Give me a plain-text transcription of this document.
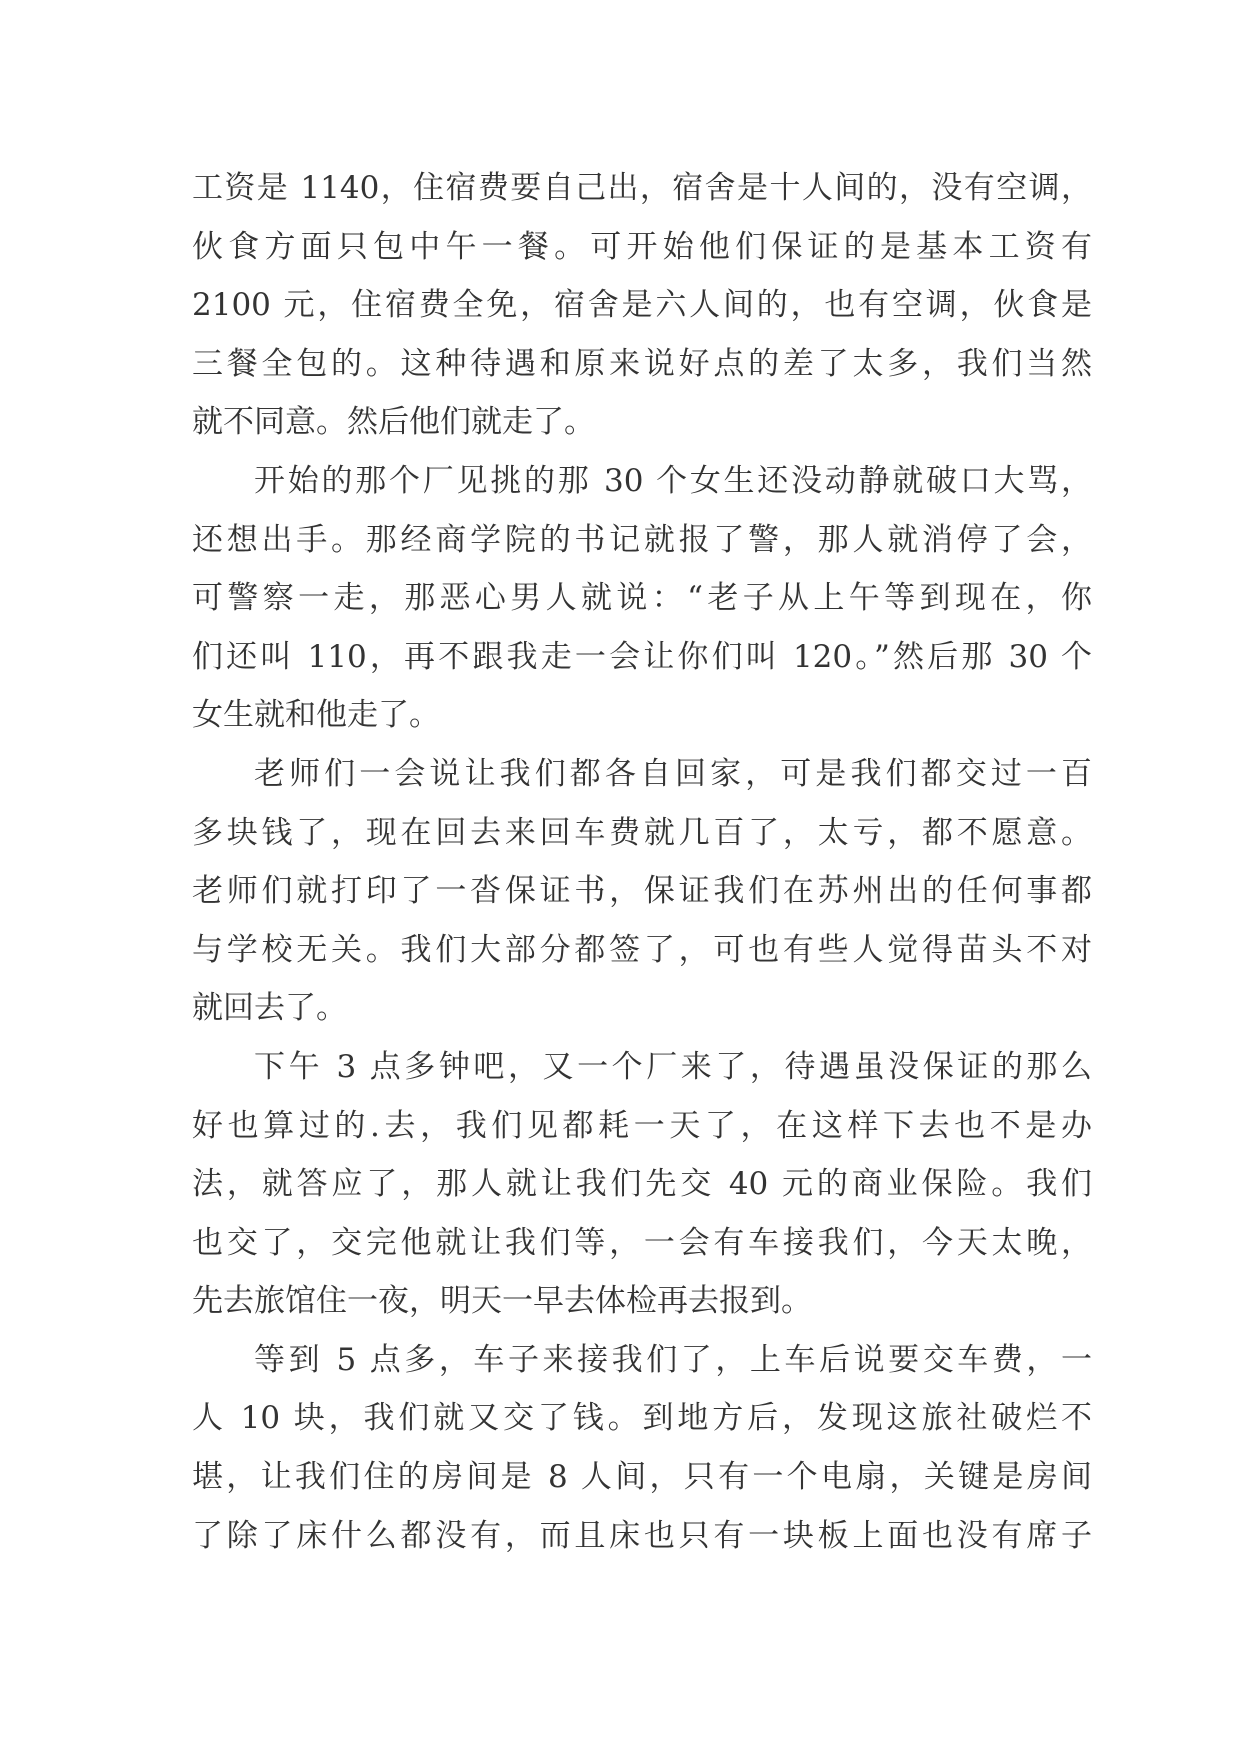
工资是 1140，住宿费要自己出，宿舍是十人间的，没有空调，
伙食方面只包中午一餐。可开始他们保证的是基本工资有
2100 元，住宿费全免，宿舍是六人间的，也有空调，伙食是
三餐全包的。这种待遇和原来说好点的差了太多，我们当然
就不同意。然后他们就走了。
开始的那个厂见挑的那 30 个女生还没动静就破口大骂，
还想出手。那经商学院的书记就报了警，那人就消停了会，
可警察一走，那恶心男人就说：“老子从上午等到现在，你
们还叫 110，再不跟我走一会让你们叫 120。”然后那 30 个
女生就和他走了。
老师们一会说让我们都各自回家，可是我们都交过一百
多块钱了，现在回去来回车费就几百了，太亏，都不愿意。
老师们就打印了一沓保证书，保证我们在苏州出的任何事都
与学校无关。我们大部分都签了，可也有些人觉得苗头不对
就回去了。
下午 3 点多钟吧，又一个厂来了，待遇虽没保证的那么
好也算过的.去，我们见都耗一天了，在这样下去也不是办
法，就答应了，那人就让我们先交 40 元的商业保险。我们
也交了，交完他就让我们等，一会有车接我们，今天太晚，
先去旅馆住一夜，明天一早去体检再去报到。
等到 5 点多，车子来接我们了，上车后说要交车费，一
人 10 块，我们就又交了钱。到地方后，发现这旅社破烂不
堪，让我们住的房间是 8 人间，只有一个电扇，关键是房间
了除了床什么都没有，而且床也只有一块板上面也没有席子
